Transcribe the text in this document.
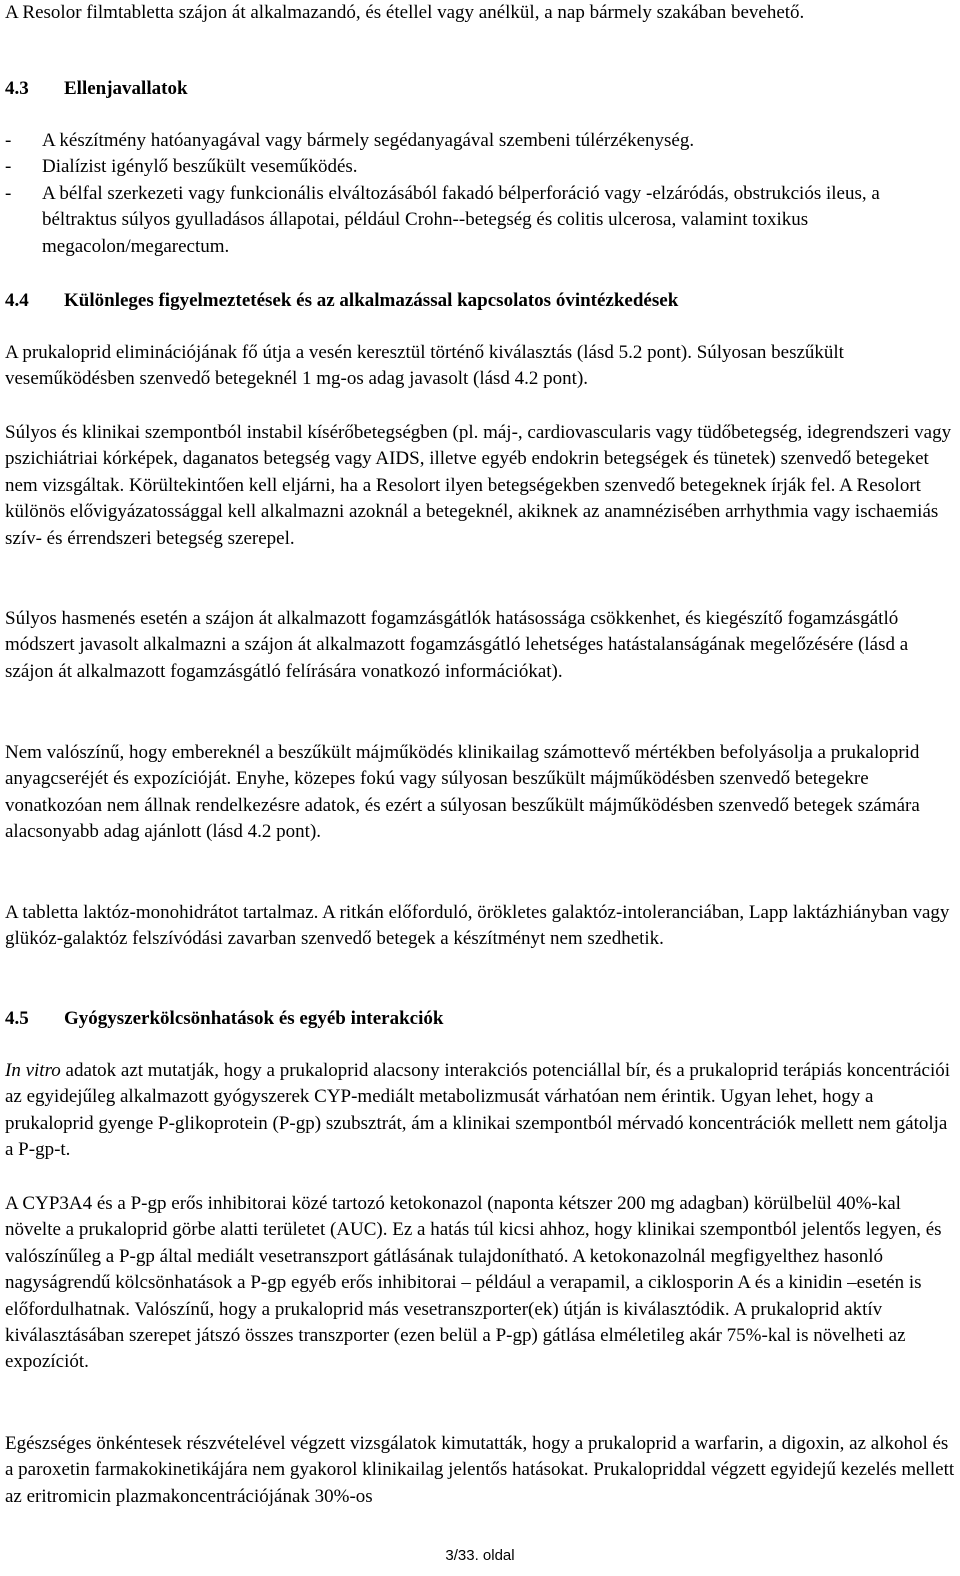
A Resolor filmtabletta szájon át alkalmazandó, és étellel vagy anélkül, a nap bármely szakában bevehető.

4.3 Ellenjavallatok
- A készítmény hatóanyagával vagy bármely segédanyagával szembeni túlérzékenység.
- Dialízist igénylő beszűkült veseműködés.
- A bélfal szerkezeti vagy funkcionális elváltozásából fakadó bélperforáció vagy -elzáródás, obstrukciós ileus, a béltraktus súlyos gyulladásos állapotai, például Crohn--betegség és colitis ulcerosa, valamint toxikus megacolon/megarectum.
4.4 Különleges figyelmeztetések és az alkalmazással kapcsolatos óvintézkedések

A prukaloprid eliminációjának fő útja a vesén keresztül történő kiválasztás (lásd 5.2 pont). Súlyosan beszűkült veseműködésben szenvedő betegeknél 1 mg-os adag javasolt (lásd 4.2 pont).

Súlyos és klinikai szempontból instabil kísérőbetegségben (pl. máj-, cardiovascularis vagy tüdőbetegség, idegrendszeri vagy pszichiátriai kórképek, daganatos betegség vagy AIDS, illetve egyéb endokrin betegségek és tünetek) szenvedő betegeket nem vizsgáltak. Körültekintően kell eljárni, ha a Resolort ilyen betegségekben szenvedő betegeknek írják fel. A Resolort különös elővigyázatossággal kell alkalmazni azoknál a betegeknél, akiknek az anamnézisében arrhythmia vagy ischaemiás szív- és érrendszeri betegség szerepel.

Súlyos hasmenés esetén a szájon át alkalmazott fogamzásgátlók hatásossága csökkenhet, és kiegészítő fogamzásgátló módszert javasolt alkalmazni a szájon át alkalmazott fogamzásgátló lehetséges hatástalanságának megelőzésére (lásd a szájon át alkalmazott fogamzásgátló felírására vonatkozó információkat).

Nem valószínű, hogy embereknél a beszűkült májműködés klinikailag számottevő mértékben befolyásolja a prukaloprid anyagcseréjét és expozícióját. Enyhe, közepes fokú vagy súlyosan beszűkült májműködésben szenvedő betegekre vonatkozóan nem állnak rendelkezésre adatok, és ezért a súlyosan beszűkült májműködésben szenvedő betegek számára alacsonyabb adag ajánlott (lásd 4.2 pont).

A tabletta laktóz-monohidrátot tartalmaz. A ritkán előforduló, örökletes galaktóz-intoleranciában, Lapp laktázhiányban vagy glükóz-galaktóz felszívódási zavarban szenvedő betegek a készítményt nem szedhetik.

4.5 Gyógyszerkölcsönhatások és egyéb interakciók

In vitro adatok azt mutatják, hogy a prukaloprid alacsony interakciós potenciállal bír, és a prukaloprid terápiás koncentrációi az egyidejűleg alkalmazott gyógyszerek CYP-mediált metabolizmusát várhatóan nem érintik. Ugyan lehet, hogy a prukaloprid gyenge P-glikoprotein (P-gp) szubsztrát, ám a klinikai szempontból mérvadó koncentrációk mellett nem gátolja a P-gp-t.

A CYP3A4 és a P-gp erős inhibitorai közé tartozó ketokonazol (naponta kétszer 200 mg adagban) körülbelül 40%-kal növelte a prukaloprid görbe alatti területet (AUC). Ez a hatás túl kicsi ahhoz, hogy klinikai szempontból jelentős legyen, és valószínűleg a P-gp által mediált vesetranszport gátlásának tulajdonítható. A ketokonazolnál megfigyelthez hasonló nagyságrendű kölcsönhatások a P-gp egyéb erős inhibitorai – például a verapamil, a ciklosporin A és a kinidin –esetén is előfordulhatnak. Valószínű, hogy a prukaloprid más vesetranszporter(ek) útján is kiválasztódik. A prukaloprid aktív kiválasztásában szerepet játszó összes transzporter (ezen belül a P-gp) gátlása elméletileg akár 75%-kal is növelheti az expozíciót.

Egészséges önkéntesek részvételével végzett vizsgálatok kimutatták, hogy a prukaloprid a warfarin, a digoxin, az alkohol és a paroxetin farmakokinetikájára nem gyakorol klinikailag jelentős hatásokat. Prukalopriddal végzett egyidejű kezelés mellett az eritromicin plazmakoncentrációjának 30%-os

3/33. oldal
